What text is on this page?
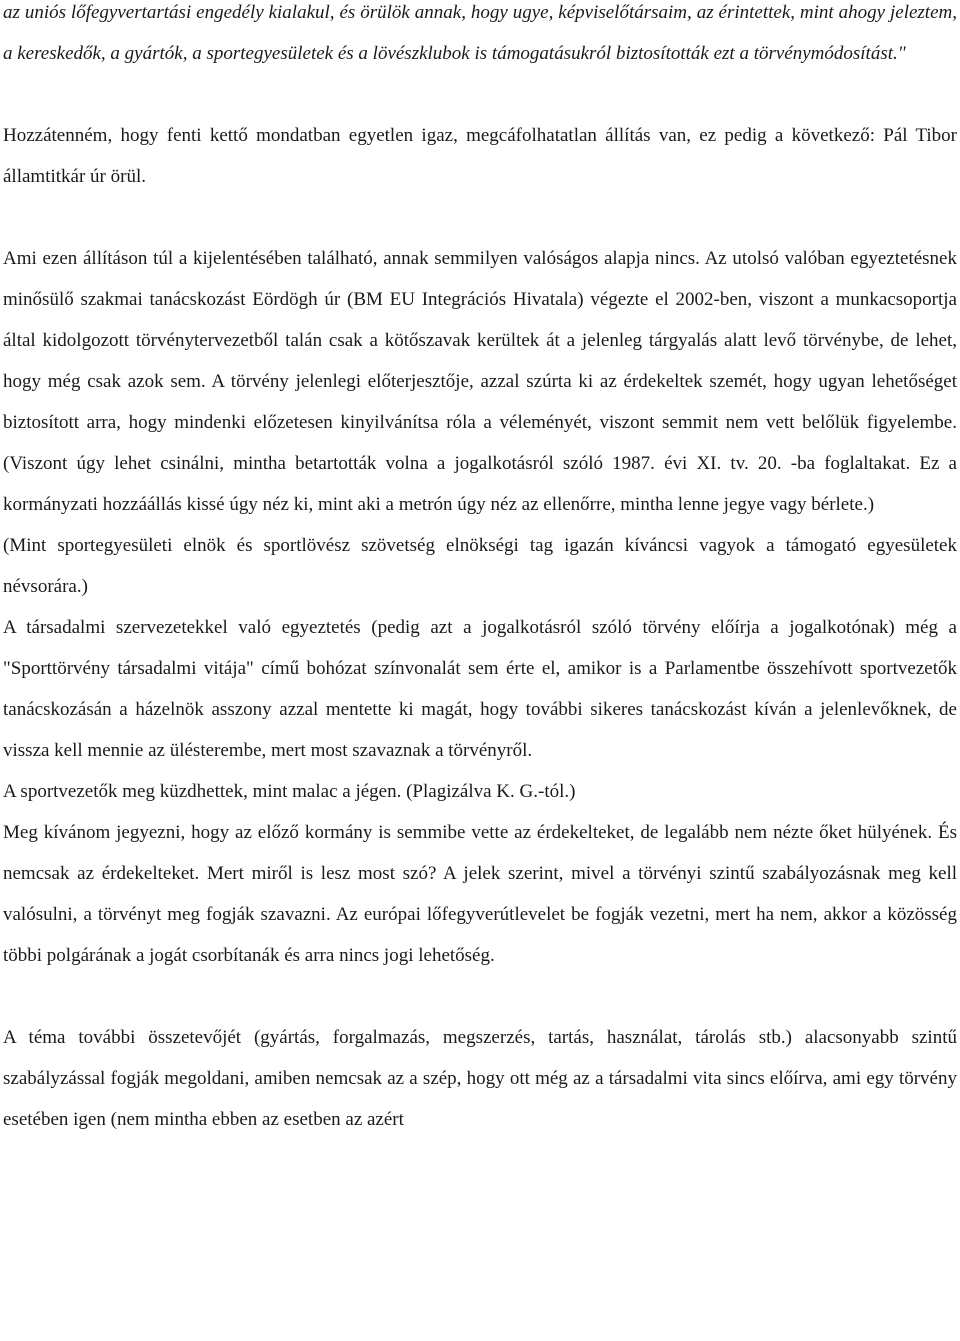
az uniós lőfegyvertartási engedély kialakul, és örülök annak, hogy ugye, képviselőtársaim, az érintettek, mint ahogy jeleztem, a kereskedők, a gyártók, a sportegyesületek és a lövészklubok is támogatásukról biztosították ezt a törvénymódosítást."

Hozzátenném, hogy fenti kettő mondatban egyetlen igaz, megcáfolhatatlan állítás van, ez pedig a következő: Pál Tibor államtitkár úr örül.

Ami ezen állításon túl a kijelentésében található, annak semmilyen valóságos alapja nincs. Az utolsó valóban egyeztetésnek minősülő szakmai tanácskozást Eördögh úr (BM EU Integrációs Hivatala) végezte el 2002-ben, viszont a munkacsoportja által kidolgozott törvénytervezetből talán csak a kötőszavak kerültek át a jelenleg tárgyalás alatt levő törvénybe, de lehet, hogy még csak azok sem. A törvény jelenlegi előterjesztője, azzal szúrta ki az érdekeltek szemét, hogy ugyan lehetőséget biztosított arra, hogy mindenki előzetesen kinyilvánítsa róla a véleményét, viszont semmit nem vett belőlük figyelembe. (Viszont úgy lehet csinálni, mintha betartották volna a jogalkotásról szóló 1987. évi XI. tv. 20. -ba foglaltakat. Ez a kormányzati hozzáállás kissé úgy néz ki, mint aki a metrón úgy néz az ellenőrre, mintha lenne jegye vagy bérlete.)

(Mint sportegyesületi elnök és sportlövész szövetség elnökségi tag igazán kíváncsi vagyok a támogató egyesületek névsorára.)

A társadalmi szervezetekkel való egyeztetés (pedig azt a jogalkotásról szóló törvény előírja a jogalkotónak) még a "Sporttörvény társadalmi vitája" című bohózat színvonalát sem érte el, amikor is a Parlamentbe összehívott sportvezetők tanácskozásán a házelnök asszony azzal mentette ki magát, hogy további sikeres tanácskozást kíván a jelenlevőknek, de vissza kell mennie az ülésterembe, mert most szavaznak a törvényről.

A sportvezetők meg küzdhettek, mint malac a jégen. (Plagizálva K. G.-tól.)

Meg kívánom jegyezni, hogy az előző kormány is semmibe vette az érdekelteket, de legalább nem nézte őket hülyének. És nemcsak az érdekelteket. Mert miről is lesz most szó? A jelek szerint, mivel a törvényi szintű szabályozásnak meg kell valósulni, a törvényt meg fogják szavazni. Az európai lőfegyverútlevelet be fogják vezetni, mert ha nem, akkor a közösség többi polgárának a jogát csorbítanák és arra nincs jogi lehetőség.

A téma további összetevőjét (gyártás, forgalmazás, megszerzés, tartás, használat, tárolás stb.) alacsonyabb szintű szabályzással fogják megoldani, amiben nemcsak az a szép, hogy ott még az a társadalmi vita sincs előírva, ami egy törvény esetében igen (nem mintha ebben az esetben az azért
